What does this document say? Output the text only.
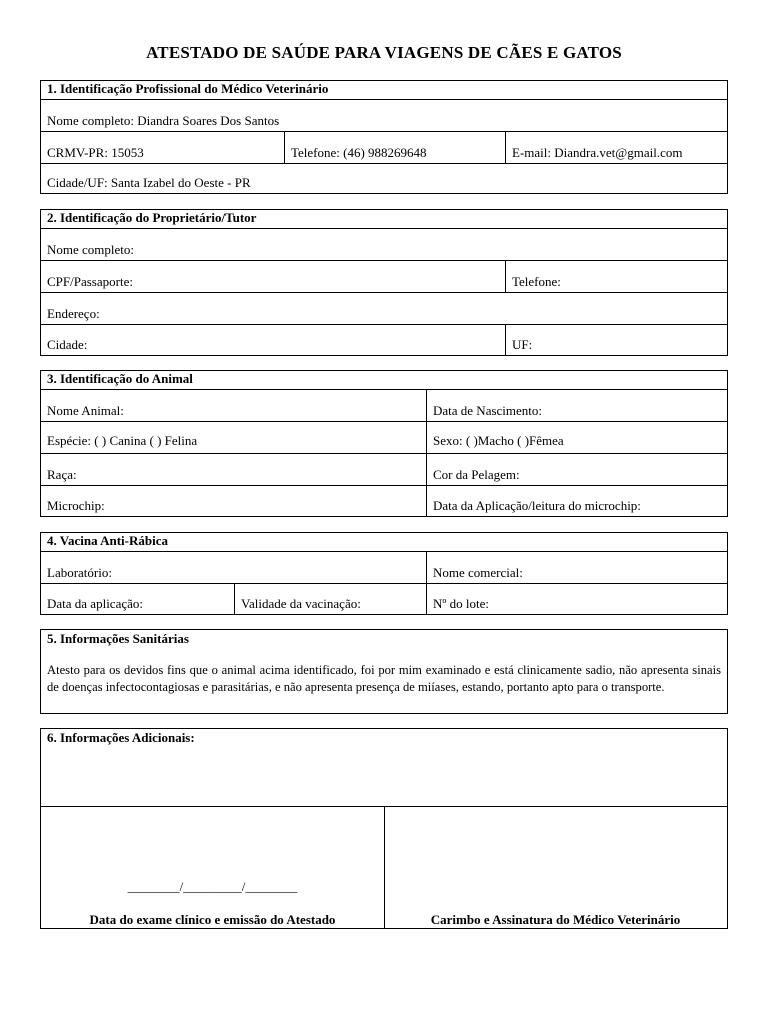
ATESTADO DE SAÚDE PARA VIAGENS DE CÃES E GATOS
1. Identificação Profissional do Médico Veterinário
Nome completo: Diandra Soares Dos Santos
CRMV-PR: 15053	Telefone: (46) 988269648	E-mail: Diandra.vet@gmail.com
Cidade/UF: Santa Izabel do Oeste - PR
2. Identificação do Proprietário/Tutor
Nome completo:
CPF/Passaporte:	Telefone:
Endereço:
Cidade:	UF:
3. Identificação do Animal
Nome Animal:	Data de Nascimento:
Espécie: ( ) Canina ( ) Felina	Sexo: ( )Macho ( )Fêmea
Raça:	Cor da Pelagem:
Microchip:	Data da Aplicação/leitura do microchip:
4. Vacina Anti-Rábica
Laboratório:	Nome comercial:
Data da aplicação:	Validade da vacinação:	Nº do lote:
5. Informações Sanitárias
Atesto para os devidos fins que o animal acima identificado, foi por mim examinado e está clinicamente sadio, não apresenta sinais de doenças infectocontagiosas e parasitárias, e não apresenta presença de miíases, estando, portanto apto para o transporte.
6. Informações Adicionais:
________/_________/________
Data do exame clínico e emissão do Atestado	Carimbo e Assinatura do Médico Veterinário
